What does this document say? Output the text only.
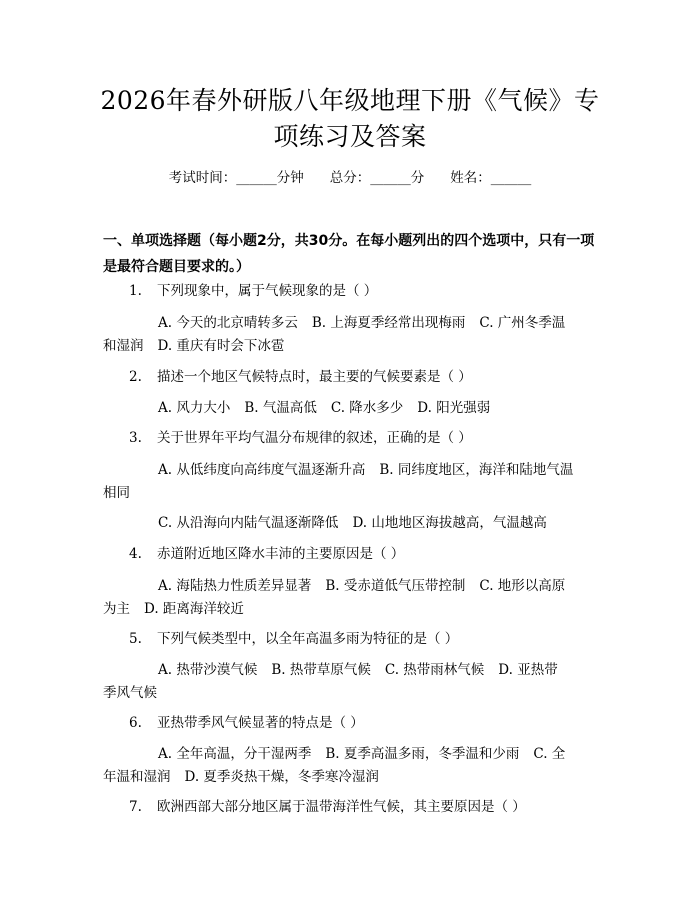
2026年春外研版八年级地理下册《气候》专
项练习及答案
考试时间：______分钟 总分：______分 姓名：______
一、单项选择题（每小题2分，共30分。在每小题列出的四个选项中，只有一项
是最符合题目要求的。）
1. 下列现象中，属于气候现象的是（ ）
A. 今天的北京晴转多云 B. 上海夏季经常出现梅雨 C. 广州冬季温
和湿润 D. 重庆有时会下冰雹
2. 描述一个地区气候特点时，最主要的气候要素是（ ）
A. 风力大小 B. 气温高低 C. 降水多少 D. 阳光强弱
3. 关于世界年平均气温分布规律的叙述，正确的是（ ）
A. 从低纬度向高纬度气温逐渐升高 B. 同纬度地区，海洋和陆地气温
相同
C. 从沿海向内陆气温逐渐降低 D. 山地地区海拔越高，气温越高
4. 赤道附近地区降水丰沛的主要原因是（ ）
A. 海陆热力性质差异显著 B. 受赤道低气压带控制 C. 地形以高原
为主 D. 距离海洋较近
5. 下列气候类型中，以全年高温多雨为特征的是（ ）
A. 热带沙漠气候 B. 热带草原气候 C. 热带雨林气候 D. 亚热带
季风气候
6. 亚热带季风气候显著的特点是（ ）
A. 全年高温，分干湿两季 B. 夏季高温多雨，冬季温和少雨 C. 全
年温和湿润 D. 夏季炎热干燥，冬季寒冷湿润
7. 欧洲西部大部分地区属于温带海洋性气候，其主要原因是（ ）
